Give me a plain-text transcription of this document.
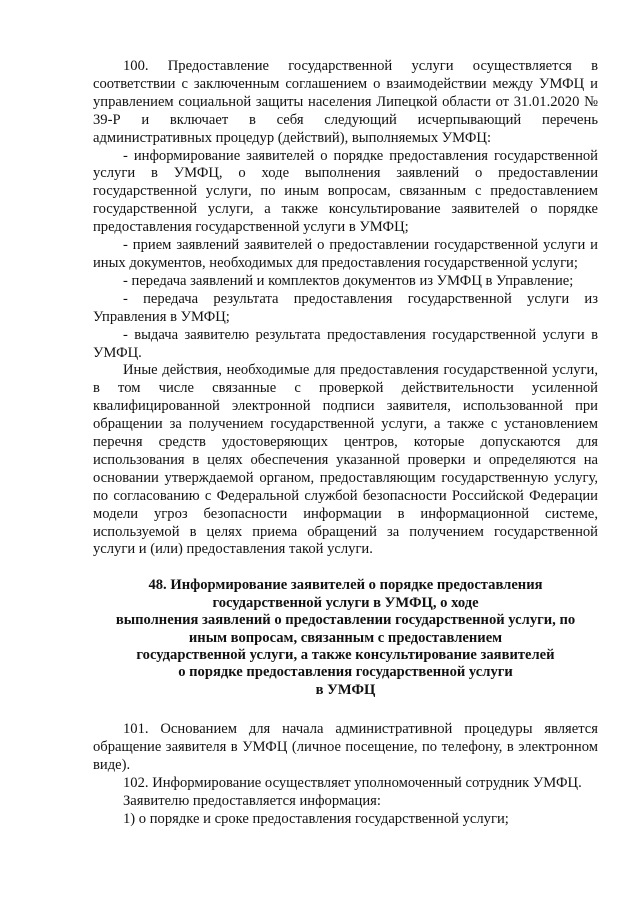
100. Предоставление государственной услуги осуществляется в соответствии с заключенным соглашением о взаимодействии между УМФЦ и управлением социальной защиты населения Липецкой области от 31.01.2020 № 39-Р и включает в себя следующий исчерпывающий перечень административных процедур (действий), выполняемых УМФЦ:

- информирование заявителей о порядке предоставления государственной услуги в УМФЦ, о ходе выполнения заявлений о предоставлении государственной услуги, по иным вопросам, связанным с предоставлением государственной услуги, а также консультирование заявителей о порядке предоставления государственной услуги в УМФЦ;

- прием заявлений заявителей о предоставлении государственной услуги и иных документов, необходимых для предоставления государственной услуги;

- передача заявлений и комплектов документов из УМФЦ в Управление;

- передача результата предоставления государственной услуги из Управления в УМФЦ;

- выдача заявителю результата предоставления государственной услуги в УМФЦ.

Иные действия, необходимые для предоставления государственной услуги, в том числе связанные с проверкой действительности усиленной квалифицированной электронной подписи заявителя, использованной при обращении за получением государственной услуги, а также с установлением перечня средств удостоверяющих центров, которые допускаются для использования в целях обеспечения указанной проверки и определяются на основании утверждаемой органом, предоставляющим государственную услугу, по согласованию с Федеральной службой безопасности Российской Федерации модели угроз безопасности информации в информационной системе, используемой в целях приема обращений за получением государственной услуги и (или) предоставления такой услуги.

48. Информирование заявителей о порядке предоставления
государственной услуги в УМФЦ, о ходе
выполнения заявлений о предоставлении государственной услуги, по
иным вопросам, связанным с предоставлением
государственной услуги, а также консультирование заявителей
о порядке предоставления государственной услуги
в УМФЦ

101. Основанием для начала административной процедуры является обращение заявителя в УМФЦ (личное посещение, по телефону, в электронном виде).

102. Информирование осуществляет уполномоченный сотрудник УМФЦ.

Заявителю предоставляется информация:

1) о порядке и сроке предоставления государственной услуги;
